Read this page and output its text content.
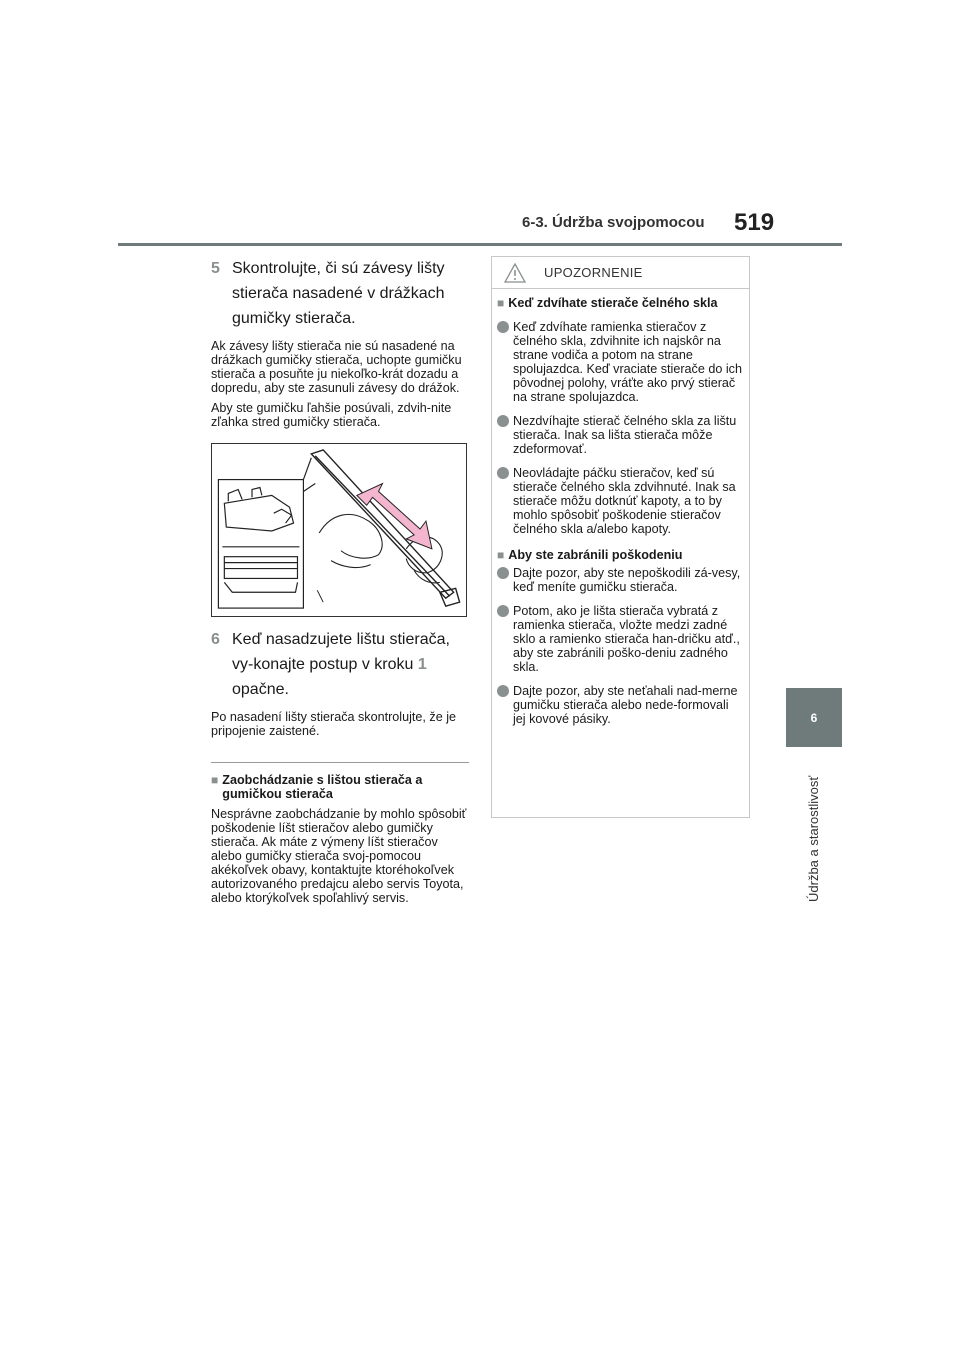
6-3. Údržba svojpomocou 519
6
Údržba a starostlivosť
5 Skontrolujte, či sú závesy lišty stierača nasadené v drážkach gumičky stierača.

Ak závesy lišty stierača nie sú nasadené na drážkach gumičky stierača, uchopte gumičku stierača a posuňte ju niekoľko-krát dozadu a dopredu, aby ste zasunuli závesy do drážok.

Aby ste gumičku ľahšie posúvali, zdvih-nite zľahka stred gumičky stierača.

6 Keď nasadzujete lištu stierača, vy-konajte postup v kroku 1 opačne.

Po nasadení lišty stierača skontrolujte, že je pripojenie zaistené.

■ Zaobchádzanie s lištou stierača a gumičkou stierača

Nesprávne zaobchádzanie by mohlo spôsobiť poškodenie líšt stieračov alebo gumičky stierača. Ak máte z výmeny líšt stieračov alebo gumičky stierača svoj-pomocou akékoľvek obavy, kontaktujte ktoréhokoľvek autorizovaného predajcu alebo servis Toyota, alebo ktorýkoľvek spoľahlivý servis.

UPOZORNENIE
■ Keď zdvíhate stierače čelného skla
Keď zdvíhate ramienka stieračov z čelného skla, zdvihnite ich najskôr na strane vodiča a potom na strane spolujazdca. Keď vraciate stierače do ich pôvodnej polohy, vráťte ako prvý stierač na strane spolujazdca.
Nezdvíhajte stierač čelného skla za lištu stierača. Inak sa lišta stierača môže zdeformovať.
Neovládajte páčku stieračov, keď sú stierače čelného skla zdvihnuté. Inak sa stierače môžu dotknúť kapoty, a to by mohlo spôsobiť poškodenie stieračov čelného skla a/alebo kapoty.
■ Aby ste zabránili poškodeniu
Dajte pozor, aby ste nepoškodili zá-vesy, keď meníte gumičku stierača.
Potom, ako je lišta stierača vybratá z ramienka stierača, vložte medzi zadné sklo a ramienko stierača han-dričku atď., aby ste zabránili poško-deniu zadného skla.
Dajte pozor, aby ste neťahali nad-merne gumičku stierača alebo nede-formovali jej kovové pásiky.
